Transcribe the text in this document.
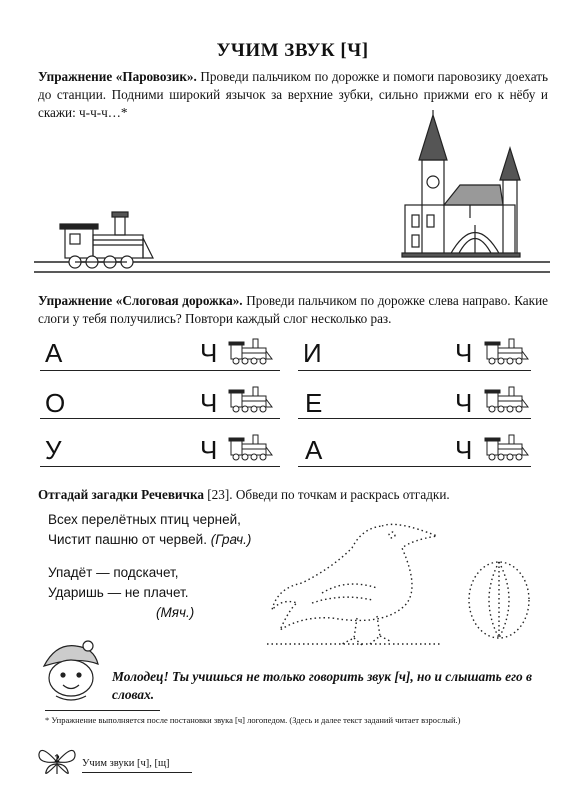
УЧИМ ЗВУК [Ч]
Упражнение «Паровозик». Проведи пальчиком по дорожке и помоги паровозику доехать до станции. Подними широкий язычок за верхние зубки, сильно прижми его к нёбу и скажи: ч-ч-ч…*
Упражнение «Слоговая дорожка». Проведи пальчиком по дорожке слева направо. Какие слоги у тебя получились? Повтори каждый слог несколько раз.
А	Ч	И	Ч
О	Ч	Е	Ч
У	Ч	А	Ч
Отгадай загадки Речевичка [23]. Обведи по точкам и раскрась отгадки.
Всех перелётных птиц черней,
Чистит пашню от червей. (Грач.)
Упадёт — подскачет,
Ударишь — не плачет.
(Мяч.)
Молодец! Ты учишься не только говорить звук [ч], но и слышать его в словах.
* Упражнение выполняется после постановки звука [ч] логопедом. (Здесь и далее текст заданий читает взрослый.)
2	Учим звуки [ч], [щ]
